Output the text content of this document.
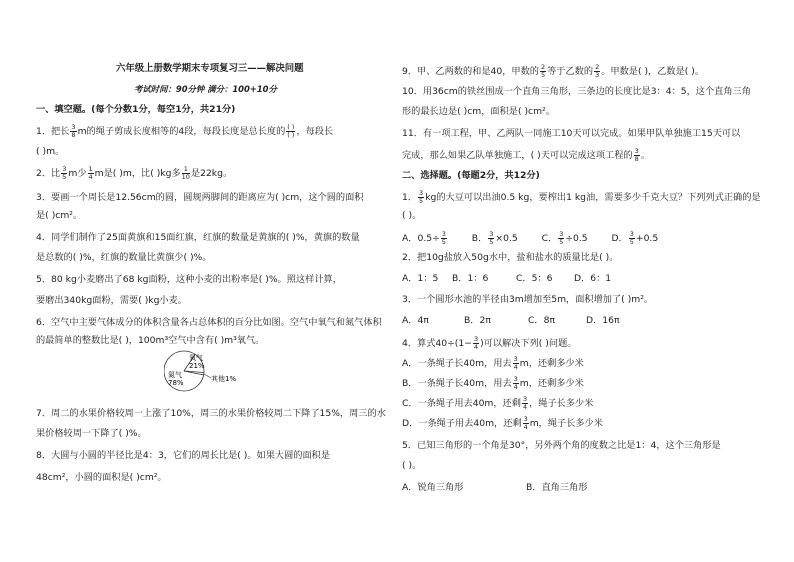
六年级上册数学期末专项复习三——解决问题
考试时间：90分钟 满分：100+10分
一、填空题。(每个分数1分，每空1分，共21分)
1．把长 $\frac{3}{8}$ m的绳子剪成长度相等的4段，每段长度是总长度的 $\frac{( )}{( )}$ ，每段长
( )m。
2．比 $\frac{3}{5}$ m少 $\frac{1}{4}$ m是( )m，比( )kg多 $\frac{1}{10}$ 是22kg。
3．要画一个周长是12.56cm的圆，圆规两脚间的距离应为( )cm，这个圆的面积
是( )cm²。
4．同学们制作了25面黄旗和15面红旗，红旗的数量是黄旗的( )%，黄旗的数量
是总数的( )%，红旗的数量比黄旗少( )%。
5．80 kg小麦磨出了68 kg面粉，这种小麦的出粉率是( )%。照这样计算，
要磨出340kg面粉，需要( )kg小麦。
6．空气中主要气体成分的体积含量各占总体积的百分比如图。空气中氧气和氮气体积
的最简单的整数比是( )，100m³空气中含有( )m³氧气。
氧气
21%
氮气
78%	其他1%
7．周二的水果价格较周一上涨了10%，周三的水果价格较周二下降了15%，周三的水
果价格较周一下降了( )%。
8．大圆与小圆的半径比是4：3，它们的周长比是( )。如果大圆的面积是
48cm²，小圆的面积是( )cm²。
9．甲、乙两数的和是40，甲数的 $\frac{2}{5}$ 等于乙数的 $\frac{2}{3}$ 。甲数是( )，乙数是( )。
10．用36cm的铁丝围成一个直角三角形，三条边的长度比是3：4：5，这个直角三角
形的最长边是( )cm，面积是( )cm²。
11．有一项工程，甲、乙两队一同施工10天可以完成。如果甲队单独施工15天可以
完成，那么如果乙队单独施工，( )天可以完成这项工程的 $\frac{3}{8}$ 。
二、选择题。(每题2分，共12分)
1． $\frac{3}{5}$ kg的大豆可以出油0.5 kg，要榨出1 kg油，需要多少千克大豆？下列列式正确的是
( )。
A．$0.5\div \frac{3}{5}$	B． $\frac{3}{5} \times 0.5$	C． $\frac{3}{5} \div 0.5$	D． $\frac{3}{5} +0.5$
2．把10g盐放入50g水中，盐和盐水的质量比是( )。
A．1：5 B．1：6	C．5：6 D．6：1
3．一个圆形水池的半径由3m增加至5m，面积增加了( )m²。
A．4π	B．2π	C．8π	D．16π
4．算式$40\div(1- \frac{3}{4}$ )可以解决下列( )问题。
A．一条绳子长40m，用去 $\frac{3}{4}$ m，还剩多少米
B．一条绳子长40m，用去 $\frac{3}{4}$ m，还剩多少米
C．一条绳子用去40m，还剩 $\frac{3}{4}$ ，绳子长多少米
D．一条绳子用去40m，还剩 $\frac{3}{4}$ m，绳子长多少米
5．已知三角形的一个角是30°，另外两个角的度数之比是1：4，这个三角形是
( )。
A．锐角三角形	B．直角三角形
